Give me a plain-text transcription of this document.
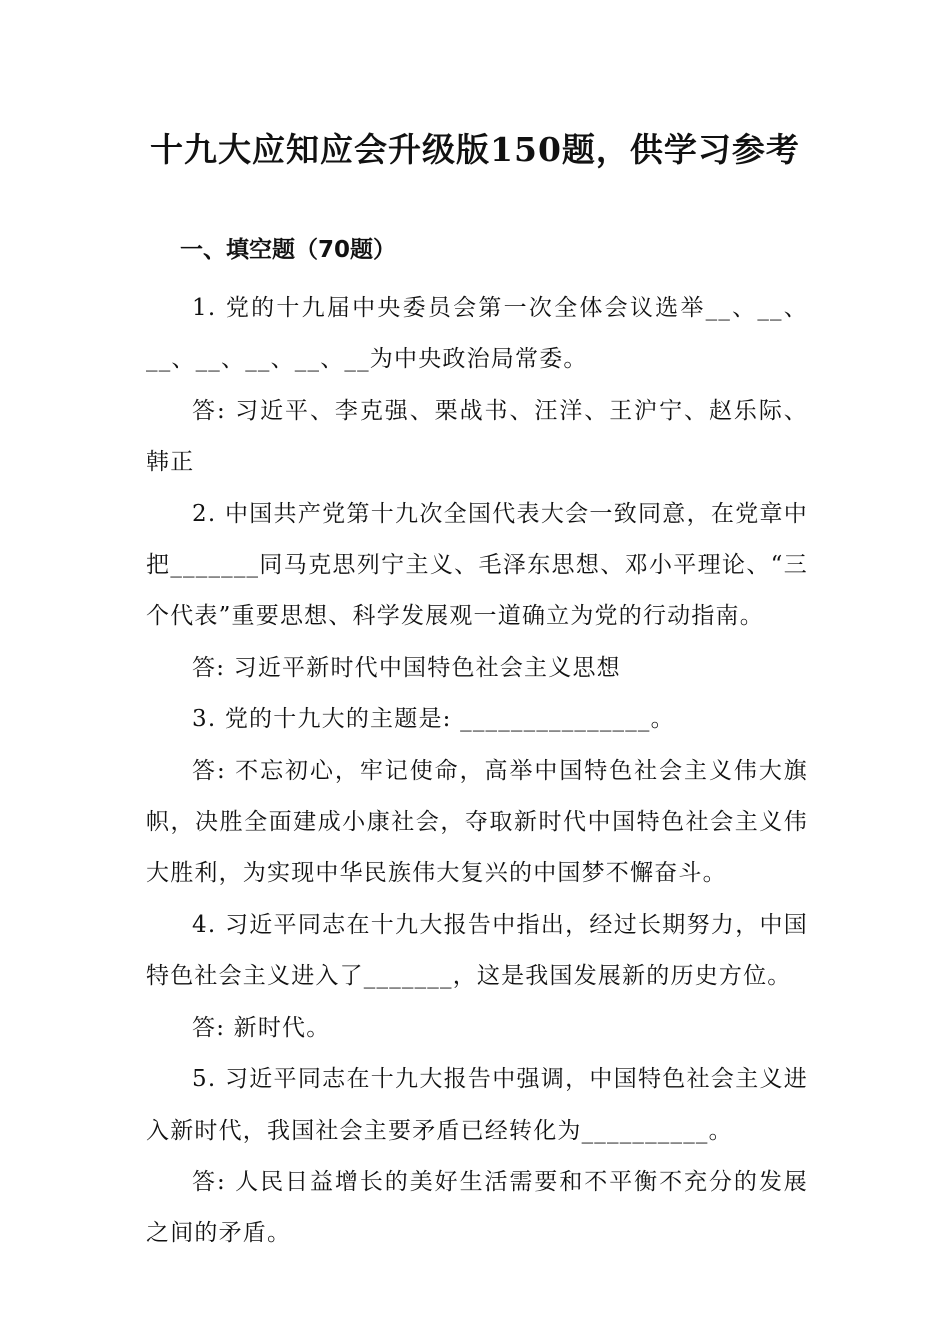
十九大应知应会升级版150题，供学习参考
一、填空题（70题）

1. 党的十九届中央委员会第一次全体会议选举__、__、__、__、__、__、__为中央政治局常委。

答: 习近平、李克强、栗战书、汪洋、王沪宁、赵乐际、韩正

2. 中国共产党第十九次全国代表大会一致同意，在党章中把_______同马克思列宁主义、毛泽东思想、邓小平理论、“三个代表”重要思想、科学发展观一道确立为党的行动指南。

答: 习近平新时代中国特色社会主义思想

3. 党的十九大的主题是: _______________。

答: 不忘初心，牢记使命，高举中国特色社会主义伟大旗帜，决胜全面建成小康社会，夺取新时代中国特色社会主义伟大胜利，为实现中华民族伟大复兴的中国梦不懈奋斗。

4. 习近平同志在十九大报告中指出，经过长期努力，中国特色社会主义进入了_______，这是我国发展新的历史方位。

答: 新时代。

5. 习近平同志在十九大报告中强调，中国特色社会主义进入新时代，我国社会主要矛盾已经转化为__________。

答: 人民日益增长的美好生活需要和不平衡不充分的发展之间的矛盾。
